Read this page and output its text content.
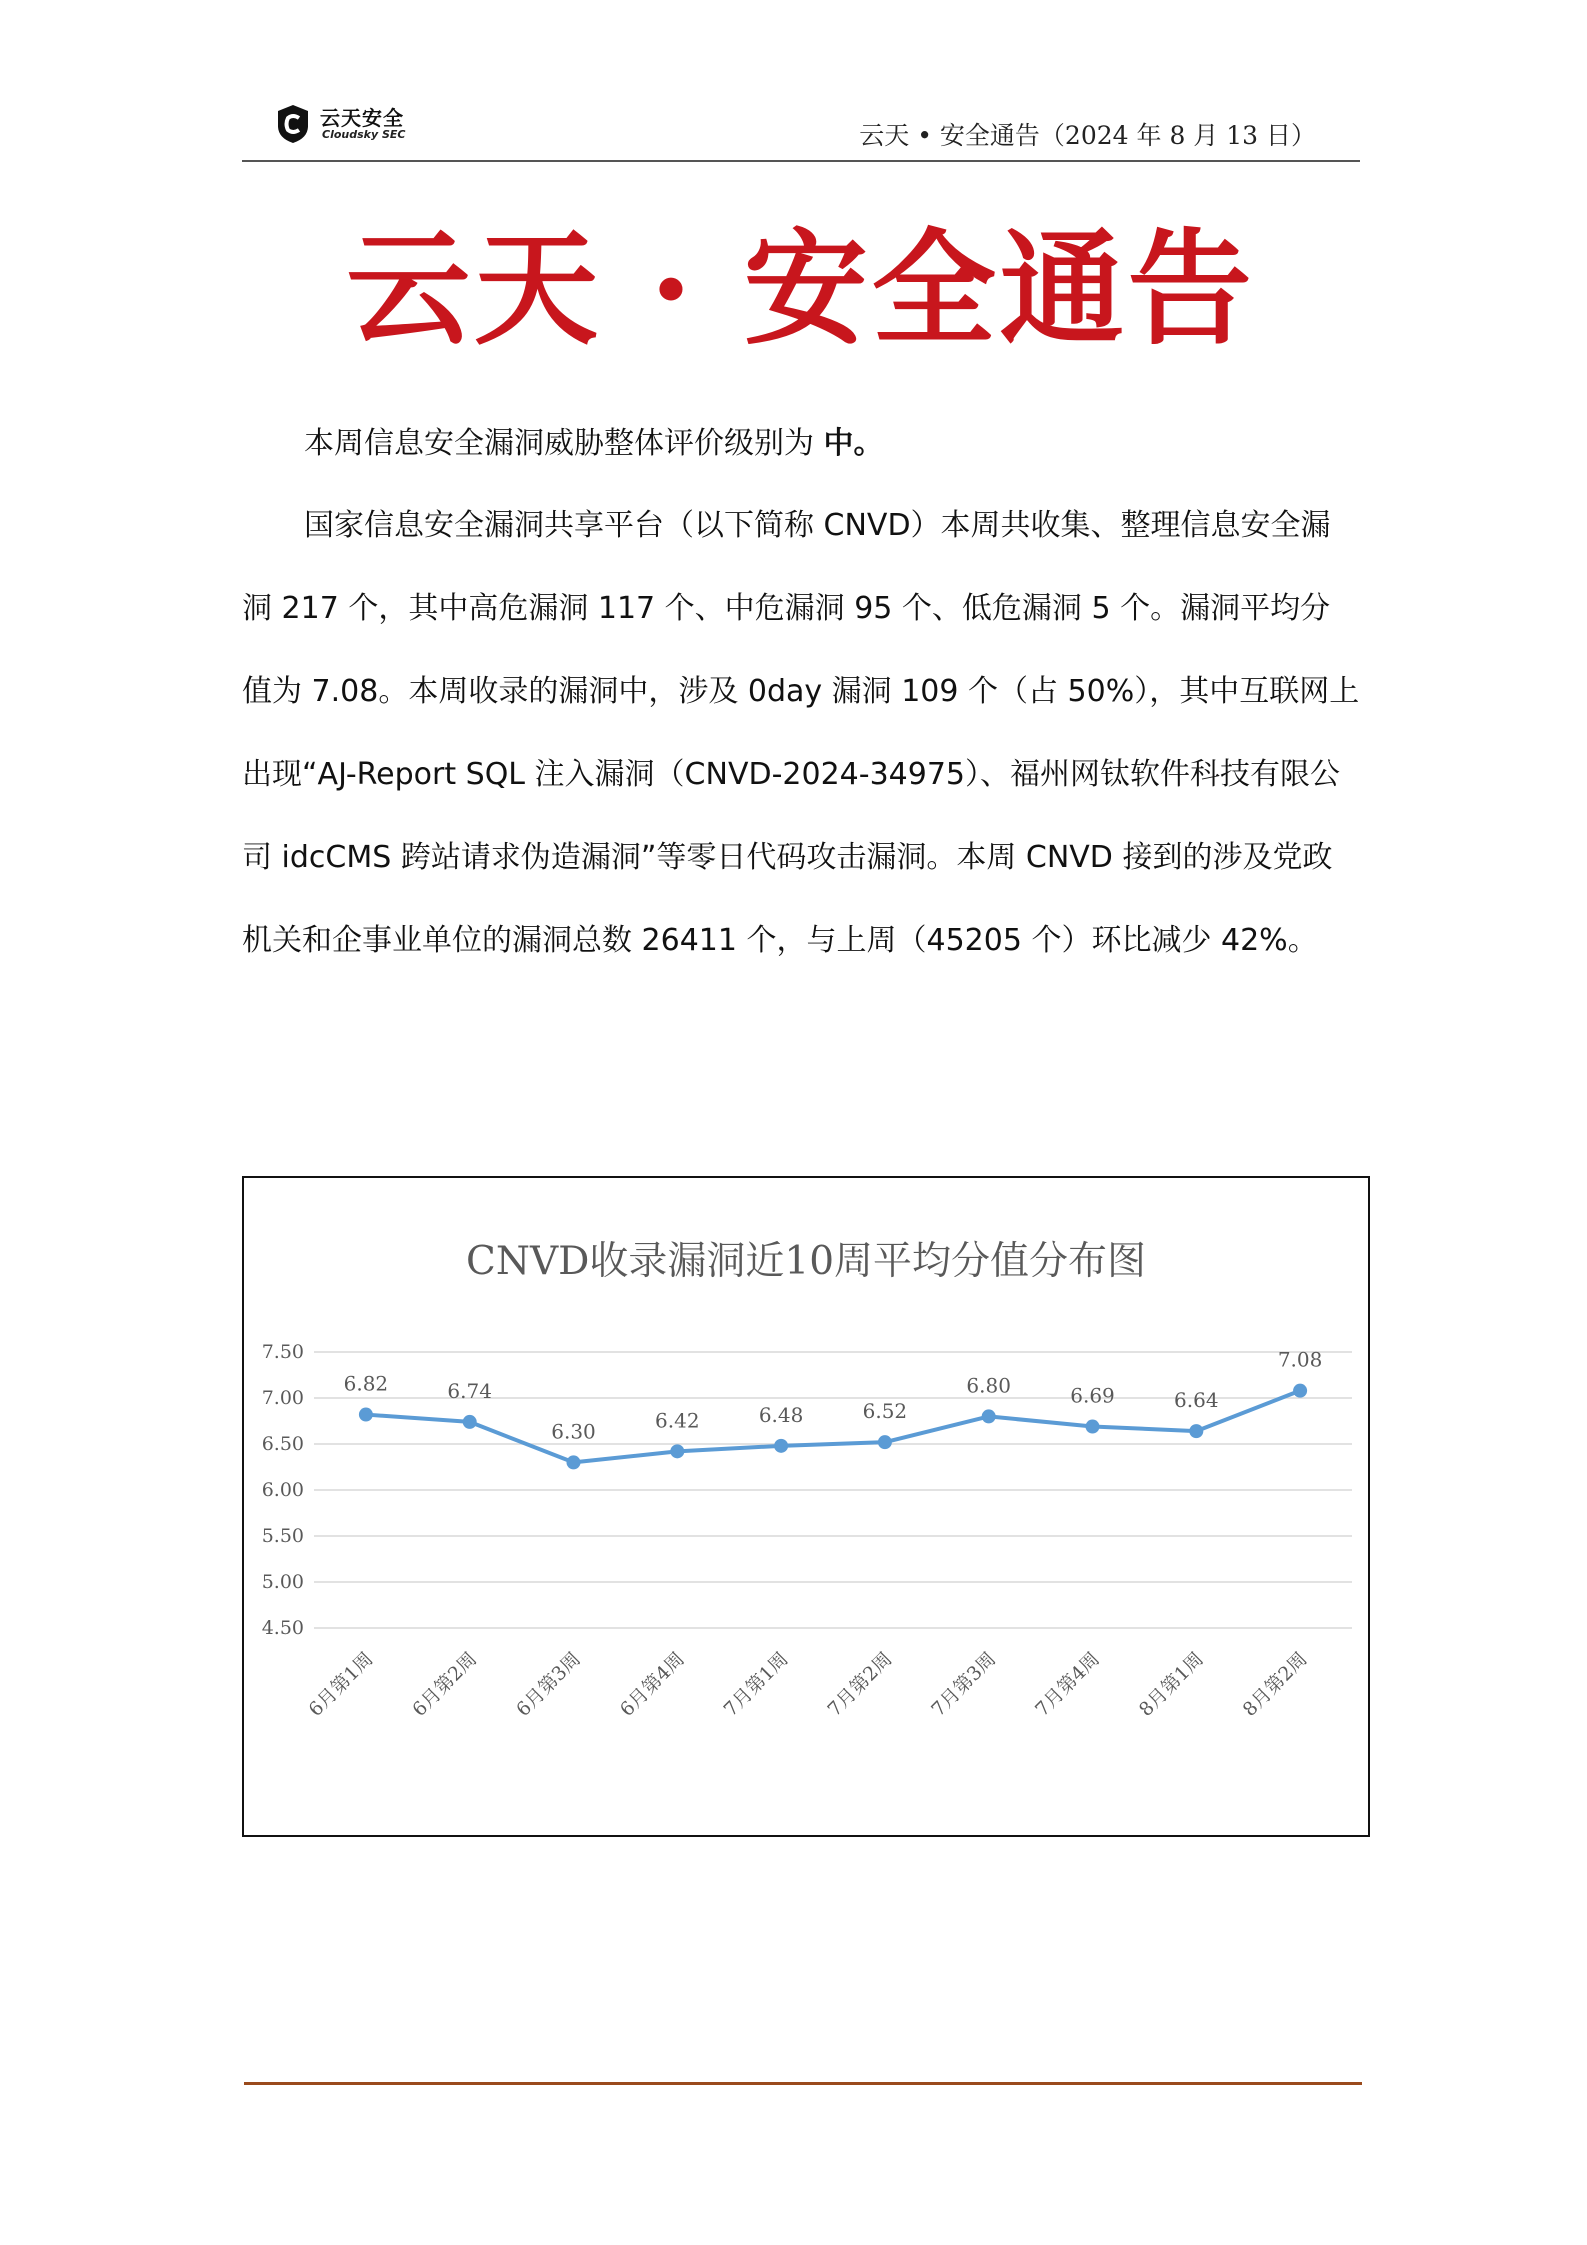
云天安全
Cloudsky SEC	云天 • 安全通告（2024 年 8 月 13 日）
云天 · 安全通告

本周信息安全漏洞威胁整体评价级别为 中。

国家信息安全漏洞共享平台（以下简称 CNVD）本周共收集、整理信息安全漏洞 217 个，其中高危漏洞 117 个、中危漏洞 95 个、低危漏洞 5 个。漏洞平均分值为 7.08。本周收录的漏洞中，涉及 0day 漏洞 109 个（占 50%），其中互联网上出现“AJ-Report SQL 注入漏洞（CNVD-2024-34975）、福州网钛软件科技有限公司 idcCMS 跨站请求伪造漏洞”等零日代码攻击漏洞。本周 CNVD 接到的涉及党政机关和企事业单位的漏洞总数 26411 个，与上周（45205 个）环比减少 42%。

CNVD收录漏洞近10周平均分值分布图
7.50
7.00
6.50
6.00
5.50
5.00
4.50
6.82	6.74
6.30	6.42	6.48	6.52
6.80	6.69	6.64
7.08
6月第1周 6月第2周 6月第3周 6月第4周 7月第1周 7月第2周 7月第3周 7月第4周 8月第1周 8月第2周
